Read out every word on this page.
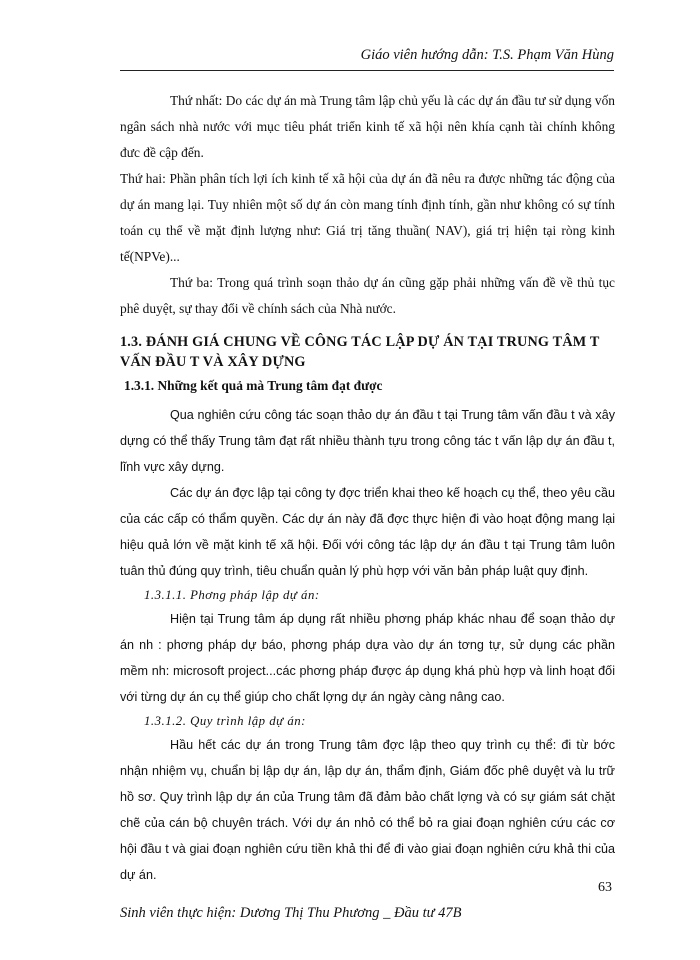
Giáo viên hướng dẫn: T.S. Phạm Văn Hùng

Thứ nhất: Do các dự án mà Trung tâm lập chủ yếu là các dự án đầu tư sử dụng vốn ngân sách nhà nước với mục tiêu phát triển kinh tế xã hội nên khía cạnh tài chính không đưc đề cập đến.

Thứ hai: Phần phân tích lợi ích kinh tế xã hội của dự án đã nêu ra được những tác động của dự án mang lại. Tuy nhiên một số dự án còn mang tính định tính, gần như không có sự tính toán cụ thể về mặt định lượng như: Giá trị tăng thuần( NAV), giá trị hiện tại ròng kinh tế(NPVe)...

Thứ ba: Trong quá trình soạn thảo dự án cũng gặp phải những vấn đề về thủ tục phê duyệt, sự thay đổi về chính sách của Nhà nước.

1.3. ĐÁNH GIÁ CHUNG VỀ CÔNG TÁC LẬP DỰ ÁN TẠI TRUNG TÂM T VẤN ĐẦU T VÀ XÂY DỰNG

1.3.1. Những kết quả mà Trung tâm đạt được

Qua nghiên cứu công tác soạn thảo dự án đầu t tại Trung tâm vấn đầu t và xây dựng có thể thấy Trung tâm đạt rất nhiều thành tựu trong công tác t vấn lập dự án đầu t, lĩnh vực xây dựng.

Các dự án đợc lập tại công ty đợc triển khai theo kế hoạch cụ thể, theo yêu cầu của các cấp có thẩm quyền. Các dự án này đã đợc thực hiện đi vào hoạt động mang lại hiệu quả lớn về mặt kinh tế xã hội. Đối với công tác lập dự án đầu t tại Trung tâm luôn tuân thủ đúng quy trình, tiêu chuẩn quản lý phù hợp với văn bản pháp luật quy định.

1.3.1.1. Phơng pháp lập dự án:

Hiện tại Trung tâm áp dụng rất nhiều phơng pháp khác nhau để soạn thảo dự án nh : phơng pháp dự báo, phơng pháp dựa vào dự án tơng tự, sử dụng các phần mềm nh: microsoft project...các phơng pháp được áp dụng khá phù hợp và linh hoạt đối với từng dự án cụ thể giúp cho chất lợng dự án ngày càng nâng cao.

1.3.1.2. Quy trình lập dự án:

Hầu hết các dự án trong Trung tâm đợc lập theo quy trình cụ thể: đi từ bớc nhận nhiệm vụ, chuẩn bị lập dự án, lập dự án, thẩm định, Giám đốc phê duyệt và lu trữ hồ sơ. Quy trình lập dự án của Trung tâm đã đảm bảo chất lợng và có sự giám sát chặt chẽ của cán bộ chuyên trách. Với dự án nhỏ có thể bỏ ra giai đoạn nghiên cứu các cơ hội đầu t và giai đoạn nghiên cứu tiền khả thi để đi vào giai đoạn nghiên cứu khả thi của dự án.

63
Sinh viên thực hiện: Dương Thị Thu Phương _ Đầu tư 47B
